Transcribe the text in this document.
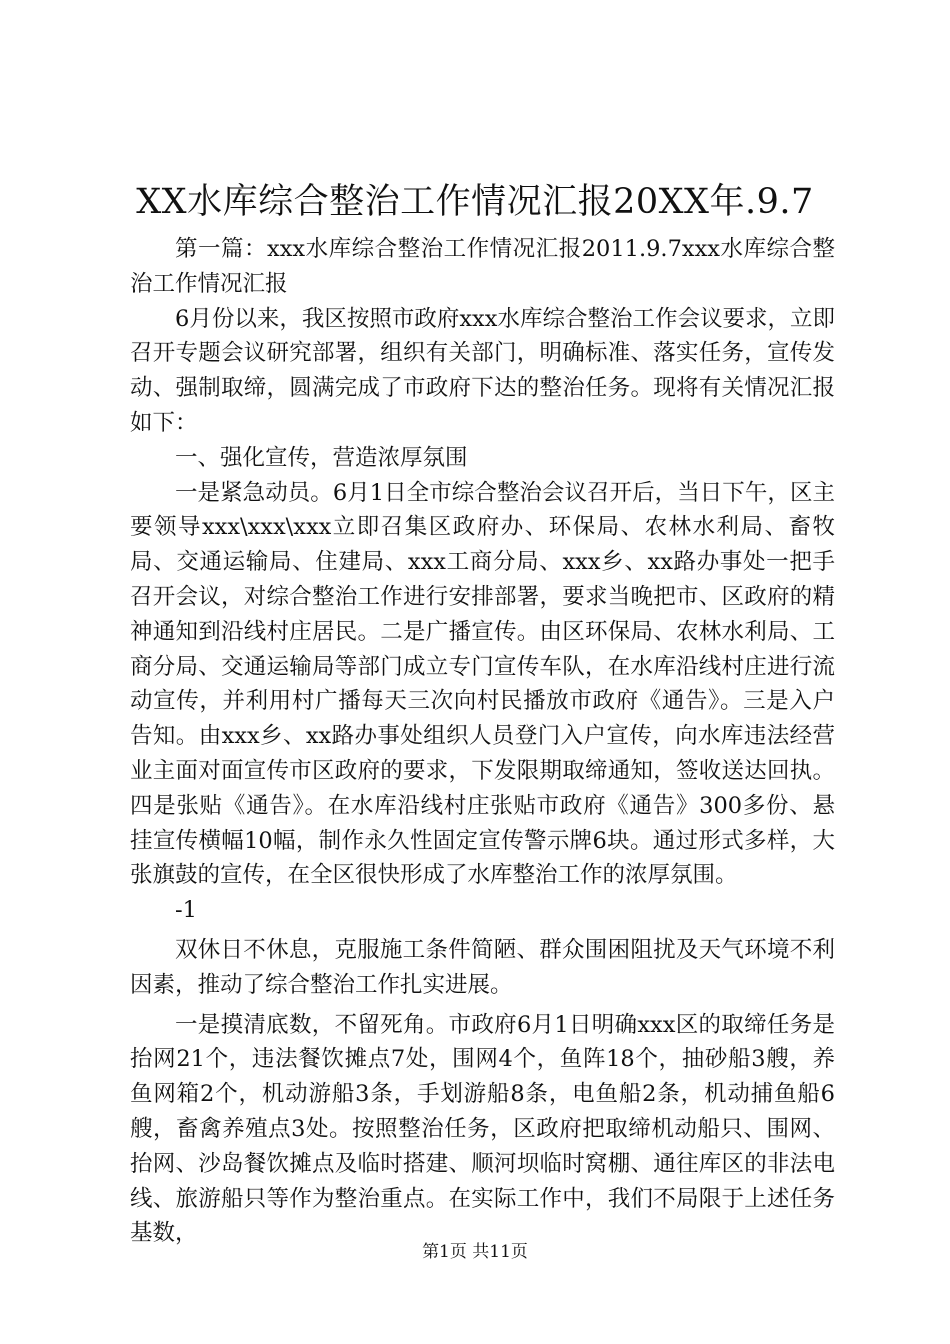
XX水库综合整治工作情况汇报20XX年.9.7

第一篇：xxx水库综合整治工作情况汇报2011.9.7xxx水库综合整治工作情况汇报

6月份以来，我区按照市政府xxx水库综合整治工作会议要求，立即召开专题会议研究部署，组织有关部门，明确标准、落实任务，宣传发动、强制取缔，圆满完成了市政府下达的整治任务。现将有关情况汇报如下：

一、强化宣传，营造浓厚氛围

一是紧急动员。6月1日全市综合整治会议召开后，当日下午，区主要领导xxx\xxx\xxx立即召集区政府办、环保局、农林水利局、畜牧局、交通运输局、住建局、xxx工商分局、xxx乡、xx路办事处一把手召开会议，对综合整治工作进行安排部署，要求当晚把市、区政府的精神通知到沿线村庄居民。二是广播宣传。由区环保局、农林水利局、工商分局、交通运输局等部门成立专门宣传车队，在水库沿线村庄进行流动宣传，并利用村广播每天三次向村民播放市政府《通告》。三是入户告知。由xxx乡、xx路办事处组织人员登门入户宣传，向水库违法经营业主面对面宣传市区政府的要求，下发限期取缔通知，签收送达回执。四是张贴《通告》。在水库沿线村庄张贴市政府《通告》300多份、悬挂宣传横幅10幅，制作永久性固定宣传警示牌6块。通过形式多样，大张旗鼓的宣传，在全区很快形成了水库整治工作的浓厚氛围。

-1

双休日不休息，克服施工条件简陋、群众围困阻扰及天气环境不利因素，推动了综合整治工作扎实进展。

一是摸清底数，不留死角。市政府6月1日明确xxx区的取缔任务是抬网21个，违法餐饮摊点7处，围网4个，鱼阵18个，抽砂船3艘，养鱼网箱2个，机动游船3条，手划游船8条，电鱼船2条，机动捕鱼船6艘，畜禽养殖点3处。按照整治任务，区政府把取缔机动船只、围网、抬网、沙岛餐饮摊点及临时搭建、顺河坝临时窝棚、通往库区的非法电线、旅游船只等作为整治重点。在实际工作中，我们不局限于上述任务基数，

第1页 共11页
